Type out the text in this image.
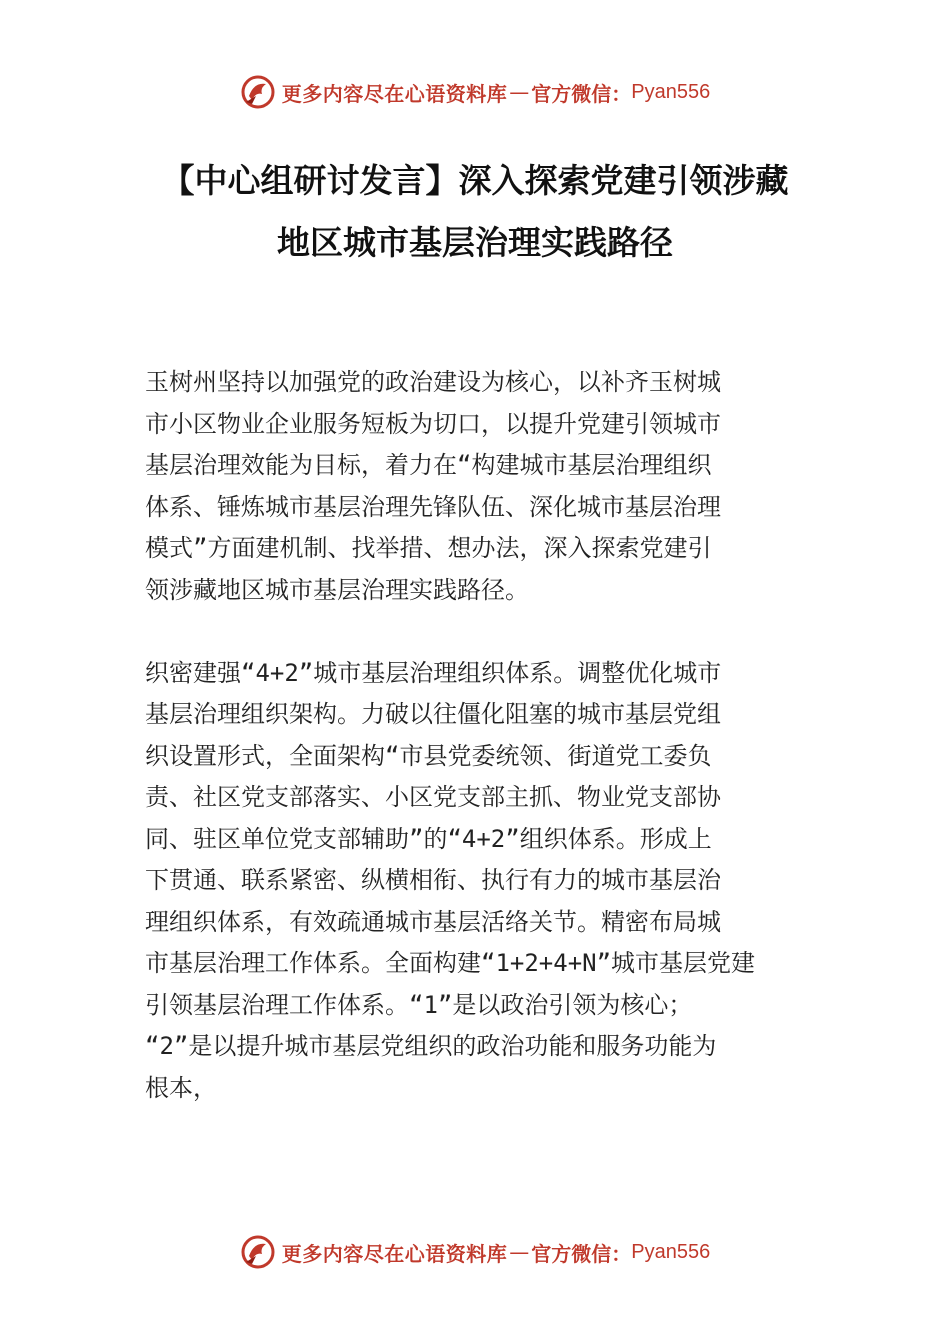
更多内容尽在心语资料库 — 官方微信： Pyan556
【中心组研讨发言】深入探索党建引领涉藏
地区城市基层治理实践路径

玉树州坚持以加强党的政治建设为核心，以补齐玉树城
市小区物业企业服务短板为切口，以提升党建引领城市
基层治理效能为目标，着力在“构建城市基层治理组织
体系、锤炼城市基层治理先锋队伍、深化城市基层治理
模式”方面建机制、找举措、想办法，深入探索党建引
领涉藏地区城市基层治理实践路径。

织密建强“4+2”城市基层治理组织体系。调整优化城市
基层治理组织架构。力破以往僵化阻塞的城市基层党组
织设置形式，全面架构“市县党委统领、街道党工委负
责、社区党支部落实、小区党支部主抓、物业党支部协
同、驻区单位党支部辅助”的“4+2”组织体系。形成上
下贯通、联系紧密、纵横相衔、执行有力的城市基层治
理组织体系，有效疏通城市基层活络关节。精密布局城
市基层治理工作体系。全面构建“1+2+4+N”城市基层党建
引领基层治理工作体系。“1”是以政治引领为核心；
“2”是以提升城市基层党组织的政治功能和服务功能为
根本，

更多内容尽在心语资料库 — 官方微信： Pyan556
